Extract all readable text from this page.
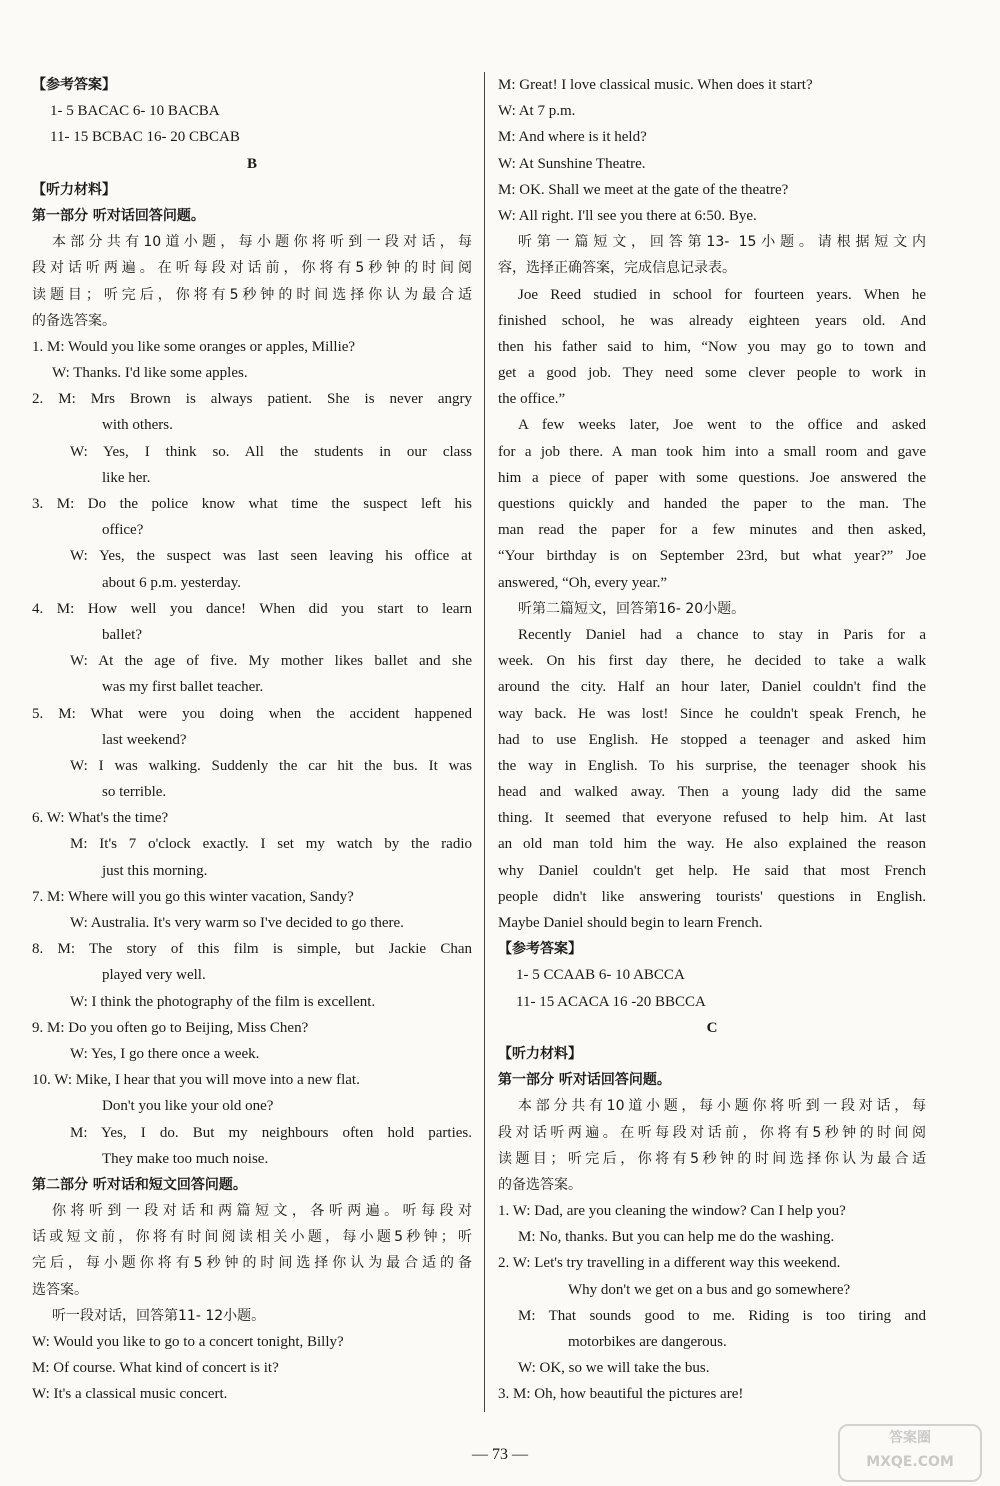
【参考答案】
1- 5 BACAC 6- 10 BACBA
11- 15 BCBAC 16- 20 CBCAB
B
【听力材料】
第一部分 听对话回答问题。
本部分共有10道小题，每小题你将听到一段对话，每
段对话听两遍。在听每段对话前，你将有5秒钟的时间阅
读题目；听完后，你将有5秒钟的时间选择你认为最合适
的备选答案。
1. M: Would you like some oranges or apples, Millie?
W: Thanks. I'd like some apples.
2. M: Mrs Brown is always patient. She is never angry
with others.
W: Yes, I think so. All the students in our class
like her.
3. M: Do the police know what time the suspect left his
office?
W: Yes, the suspect was last seen leaving his office at
about 6 p.m. yesterday.
4. M: How well you dance! When did you start to learn
ballet?
W: At the age of five. My mother likes ballet and she
was my first ballet teacher.
5. M: What were you doing when the accident happened
last weekend?
W: I was walking. Suddenly the car hit the bus. It was
so terrible.
6. W: What's the time?
M: It's 7 o'clock exactly. I set my watch by the radio
just this morning.
7. M: Where will you go this winter vacation, Sandy?
W: Australia. It's very warm so I've decided to go there.
8. M: The story of this film is simple, but Jackie Chan
played very well.
W: I think the photography of the film is excellent.
9. M: Do you often go to Beijing, Miss Chen?
W: Yes, I go there once a week.
10. W: Mike, I hear that you will move into a new flat.
Don't you like your old one?
M: Yes, I do. But my neighbours often hold parties.
They make too much noise.
第二部分 听对话和短文回答问题。
你将听到一段对话和两篇短文，各听两遍。听每段对
话或短文前，你将有时间阅读相关小题，每小题5秒钟；听
完后，每小题你将有5秒钟的时间选择你认为最合适的备
选答案。
听一段对话，回答第11- 12小题。
W: Would you like to go to a concert tonight, Billy?
M: Of course. What kind of concert is it?
W: It's a classical music concert.
M: Great! I love classical music. When does it start?
W: At 7 p.m.
M: And where is it held?
W: At Sunshine Theatre.
M: OK. Shall we meet at the gate of the theatre?
W: All right. I'll see you there at 6:50. Bye.
听第一篇短文，回答第13- 15小题。请根据短文内
容，选择正确答案，完成信息记录表。
Joe Reed studied in school for fourteen years. When he
finished school, he was already eighteen years old. And
then his father said to him, “Now you may go to town and
get a good job. They need some clever people to work in
the office.”
A few weeks later, Joe went to the office and asked
for a job there. A man took him into a small room and gave
him a piece of paper with some questions. Joe answered the
questions quickly and handed the paper to the man. The
man read the paper for a few minutes and then asked,
“Your birthday is on September 23rd, but what year?” Joe
answered, “Oh, every year.”
听第二篇短文，回答第16- 20小题。
Recently Daniel had a chance to stay in Paris for a
week. On his first day there, he decided to take a walk
around the city. Half an hour later, Daniel couldn't find the
way back. He was lost! Since he couldn't speak French, he
had to use English. He stopped a teenager and asked him
the way in English. To his surprise, the teenager shook his
head and walked away. Then a young lady did the same
thing. It seemed that everyone refused to help him. At last
an old man told him the way. He also explained the reason
why Daniel couldn't get help. He said that most French
people didn't like answering tourists' questions in English.
Maybe Daniel should begin to learn French.
【参考答案】
1- 5 CCAAB 6- 10 ABCCA
11- 15 ACACA 16 -20 BBCCA
C
【听力材料】
第一部分 听对话回答问题。
本部分共有10道小题，每小题你将听到一段对话，每
段对话听两遍。在听每段对话前，你将有5秒钟的时间阅
读题目；听完后，你将有5秒钟的时间选择你认为最合适
的备选答案。
1. W: Dad, are you cleaning the window? Can I help you?
M: No, thanks. But you can help me do the washing.
2. W: Let's try travelling in a different way this weekend.
Why don't we get on a bus and go somewhere?
M: That sounds good to me. Riding is too tiring and
motorbikes are dangerous.
W: OK, so we will take the bus.
3. M: Oh, how beautiful the pictures are!
— 73 —
答案圈
MXQE.COM
